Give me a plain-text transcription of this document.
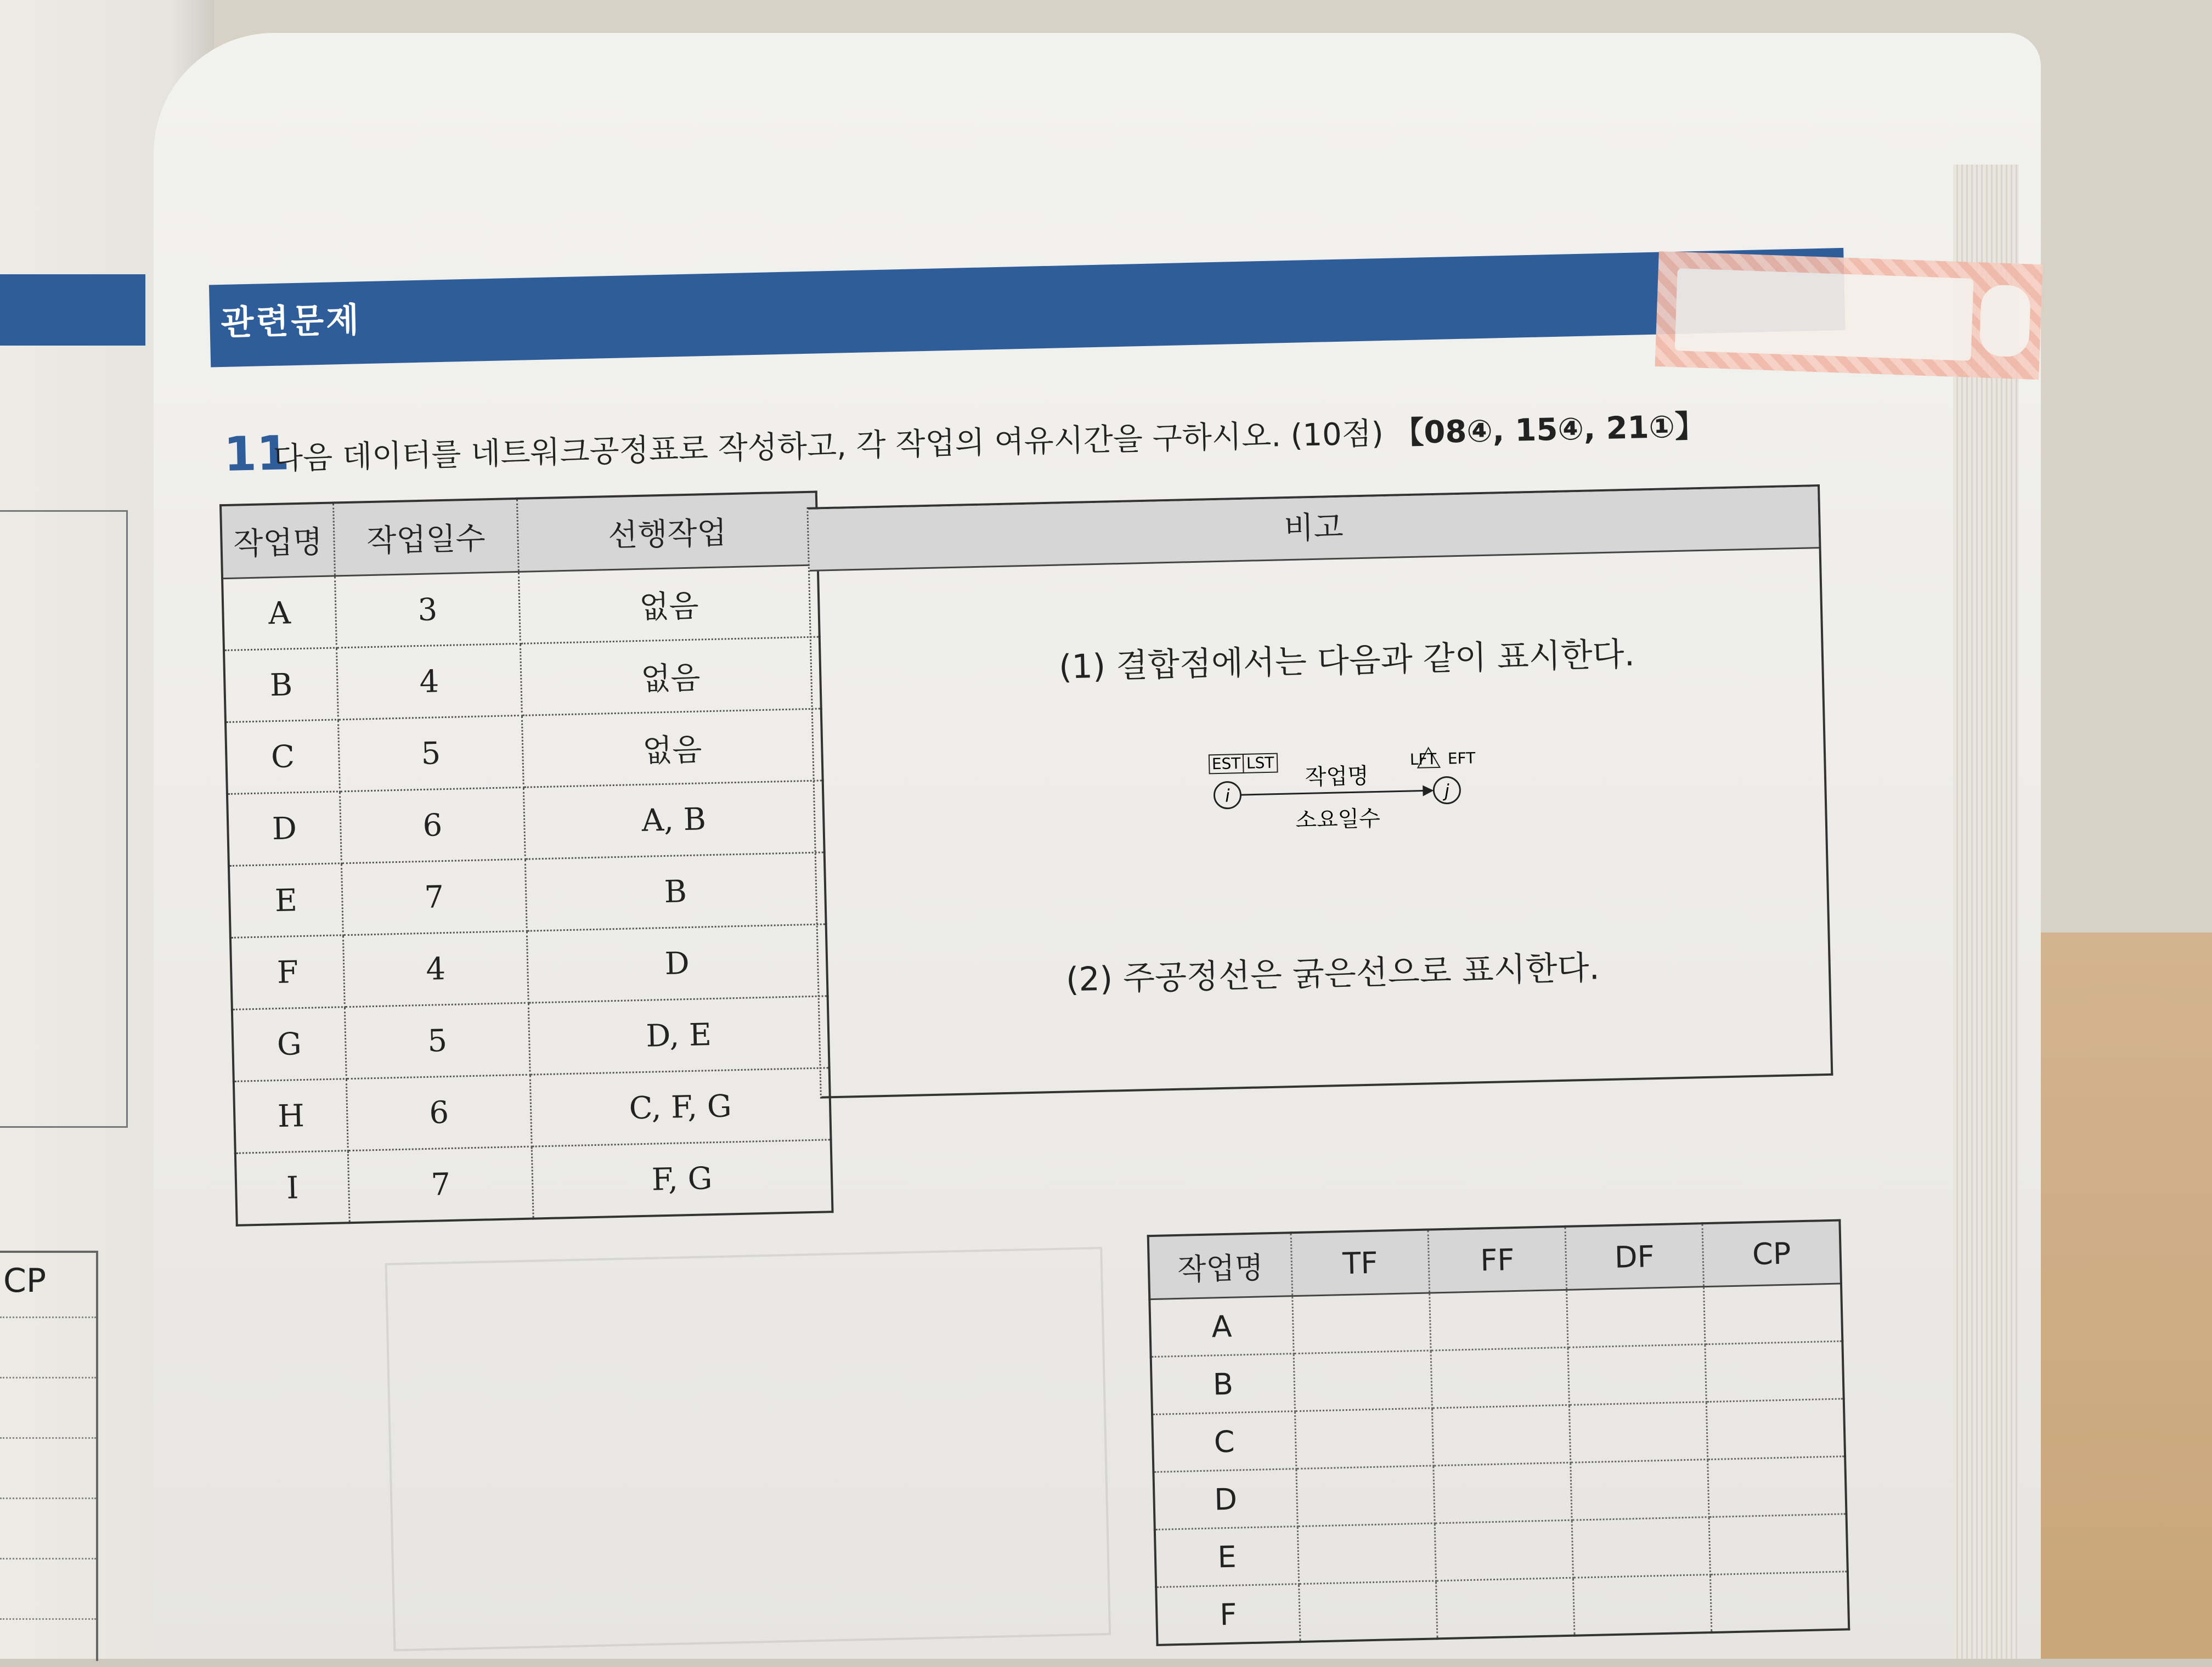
CP
관련문제
11
다음 데이터를 네트워크공정표로 작성하고, 각 작업의 여유시간을 구하시오. (10점) 【08④, 15④, 21①】
작업명	작업일수	선행작업
A	3	없음
B	4	없음
C	5	없음
D	6	A, B
E	7	B
F	4	D
G	5	D, E
H	6	C, F, G
I	7	F, G
비고
(1) 결합점에서는 다음과 같이 표시한다.
EST LST	LFT EFT
i	j
작업명
소요일수
(2) 주공정선은 굵은선으로 표시한다.
작업명	TF	FF	DF	CP
A				
B				
C				
D				
E				
F				
